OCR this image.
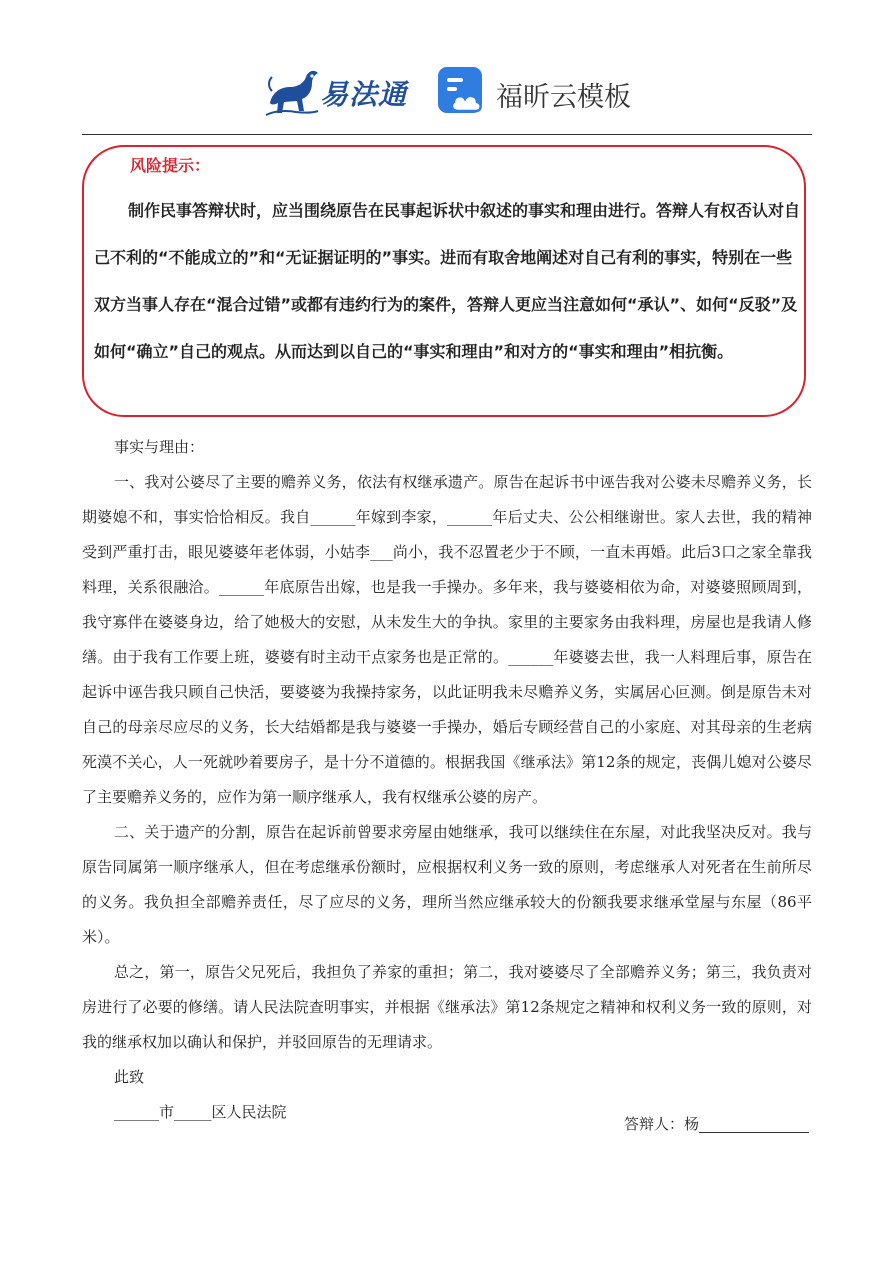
易法通	福昕云模板
风险提示：
制作民事答辩状时，应当围绕原告在民事起诉状中叙述的事实和理由进行。答辩人有权否认对自己不利的“不能成立的”和“无证据证明的”事实。进而有取舍地阐述对自己有利的事实，特别在一些双方当事人存在“混合过错”或都有违约行为的案件，答辩人更应当注意如何“承认”、如何“反驳”及如何“确立”自己的观点。从而达到以自己的“事实和理由”和对方的“事实和理由”相抗衡。

事实与理由：

一、我对公婆尽了主要的赡养义务，依法有权继承遗产。原告在起诉书中诬告我对公婆未尽赡养义务，长期婆媳不和，事实恰恰相反。我自______年嫁到李家，______年后丈夫、公公相继谢世。家人去世，我的精神受到严重打击，眼见婆婆年老体弱，小姑李___尚小，我不忍置老少于不顾，一直未再婚。此后3口之家全靠我料理，关系很融洽。______年底原告出嫁，也是我一手操办。多年来，我与婆婆相依为命，对婆婆照顾周到，我守寡伴在婆婆身边，给了她极大的安慰，从未发生大的争执。家里的主要家务由我料理，房屋也是我请人修缮。由于我有工作要上班，婆婆有时主动干点家务也是正常的。______年婆婆去世，我一人料理后事，原告在起诉中诬告我只顾自己快活，要婆婆为我操持家务，以此证明我未尽赡养义务，实属居心叵测。倒是原告未对自己的母亲尽应尽的义务，长大结婚都是我与婆婆一手操办，婚后专顾经营自己的小家庭、对其母亲的生老病死漠不关心，人一死就吵着要房子，是十分不道德的。根据我国《继承法》第12条的规定，丧偶儿媳对公婆尽了主要赡养义务的，应作为第一顺序继承人，我有权继承公婆的房产。

二、关于遗产的分割，原告在起诉前曾要求旁屋由她继承，我可以继续住在东屋，对此我坚决反对。我与原告同属第一顺序继承人，但在考虑继承份额时，应根据权利义务一致的原则，考虑继承人对死者在生前所尽的义务。我负担全部赡养责任，尽了应尽的义务，理所当然应继承较大的份额我要求继承堂屋与东屋（86平米）。

总之，第一，原告父兄死后，我担负了养家的重担；第二，我对婆婆尽了全部赡养义务；第三，我负责对房进行了必要的修缮。请人民法院查明事实，并根据《继承法》第12条规定之精神和权利义务一致的原则，对我的继承权加以确认和保护，并驳回原告的无理请求。

此致

______市_____区人民法院

答辩人：杨
